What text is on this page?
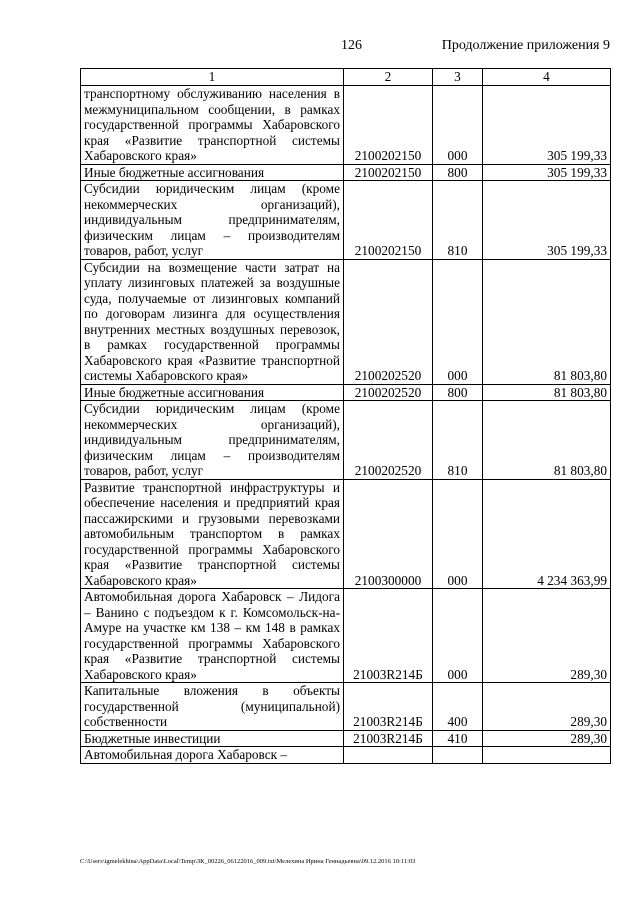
126	Продолжение приложения 9
1	2	3	4
транспортному обслуживанию населения в межмуниципальном сообщении, в рамках государственной программы Хабаровского края «Развитие транспортной системы Хабаровского края»	2100202150	000	305 199,33
Иные бюджетные ассигнования	2100202150	800	305 199,33
Субсидии юридическим лицам (кроме некоммерческих организаций), индивидуальным предпринимателям, физическим лицам – производителям товаров, работ, услуг	2100202150	810	305 199,33
Субсидии на возмещение части затрат на уплату лизинговых платежей за воздушные суда, получаемые от лизинговых компаний по договорам лизинга для осуществления внутренних местных воздушных перевозок, в рамках государственной программы Хабаровского края «Развитие транспортной системы Хабаровского края»	2100202520	000	81 803,80
Иные бюджетные ассигнования	2100202520	800	81 803,80
Субсидии юридическим лицам (кроме некоммерческих организаций), индивидуальным предпринимателям, физическим лицам – производителям товаров, работ, услуг	2100202520	810	81 803,80
Развитие транспортной инфраструктуры и обеспечение населения и предприятий края пассажирскими и грузовыми перевозками автомобильным транспортом в рамках государственной программы Хабаровского края «Развитие транспортной системы Хабаровского края»	2100300000	000	4 234 363,99
Автомобильная дорога Хабаровск – Лидога – Ванино с подъездом к г. Комсомольск-на-Амуре на участке км 138 – км 148 в рамках государственной программы Хабаровского края «Развитие транспортной системы Хабаровского края»	21003R214Б	000	289,30
Капитальные вложения в объекты государственной (муниципальной) собственности	21003R214Б	400	289,30
Бюджетные инвестиции	21003R214Б	410	289,30
Автомобильная дорога Хабаровск –			
C:\Users\igmelekhina\AppData\Local\Temp\ЗК_00226_06122016_009.txt\Мелехина Ирина Геннадьевна\09.12.2016 10:11:03
